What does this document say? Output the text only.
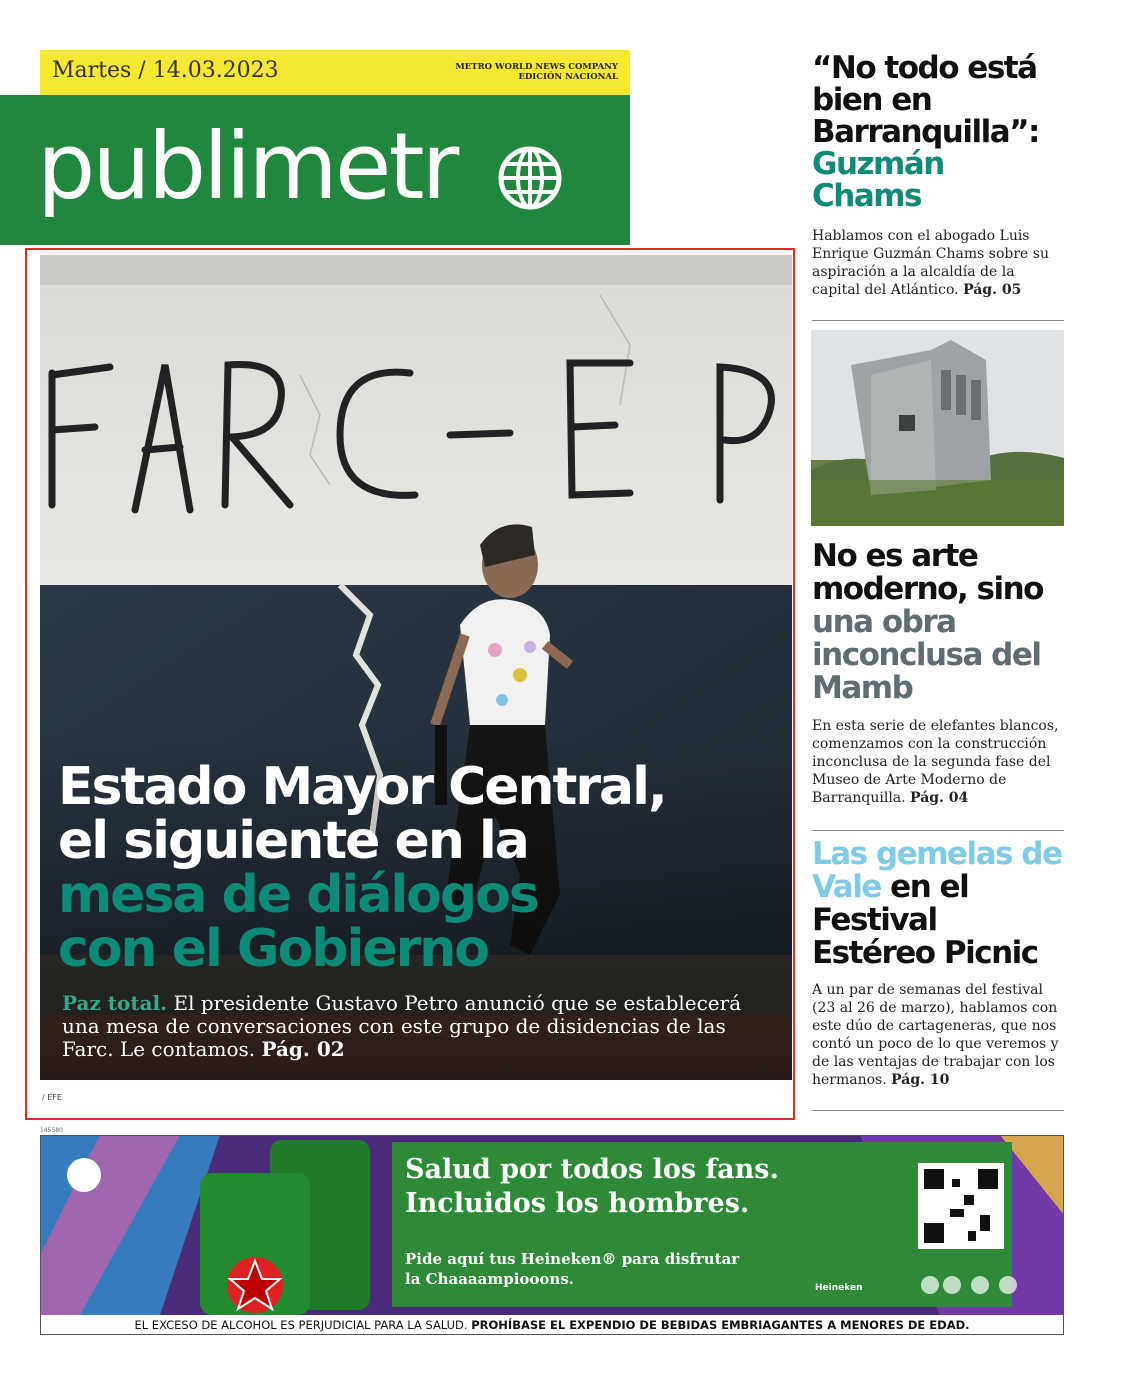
Martes / 14.03.2023	METRO WORLD NEWS COMPANY
EDICIÓN NACIONAL
publimetr
Estado Mayor Central,
el siguiente en la
mesa de diálogos
con el Gobierno
Paz total. El presidente Gustavo Petro anunció que se establecerá una mesa de conversaciones con este grupo de disidencias de las Farc. Le contamos. Pág. 02
/ EFE
“No todo está bien en Barranquilla”: Guzmán Chams
Hablamos con el abogado Luis Enrique Guzmán Chams sobre su aspiración a la alcaldía de la capital del Atlántico. Pág. 05
No es arte moderno, sino una obra inconclusa del Mamb
En esta serie de elefantes blancos, comenzamos con la construcción inconclusa de la segunda fase del Museo de Arte Moderno de Barranquilla. Pág. 04
Las gemelas de Vale en el Festival Estéreo Picnic
A un par de semanas del festival (23 al 26 de marzo), hablamos con este dúo de cartageneras, que nos contó un poco de lo que veremos y de las ventajas de trabajar con los hermanos. Pág. 10
145580
Salud por todos los fans.
Incluidos los hombres.
Pide aquí tus Heineken® para disfrutar
la Chaaaampiooons.	Heineken
EL EXCESO DE ALCOHOL ES PERJUDICIAL PARA LA SALUD. PROHÍBASE EL EXPENDIO DE BEBIDAS EMBRIAGANTES A MENORES DE EDAD.
